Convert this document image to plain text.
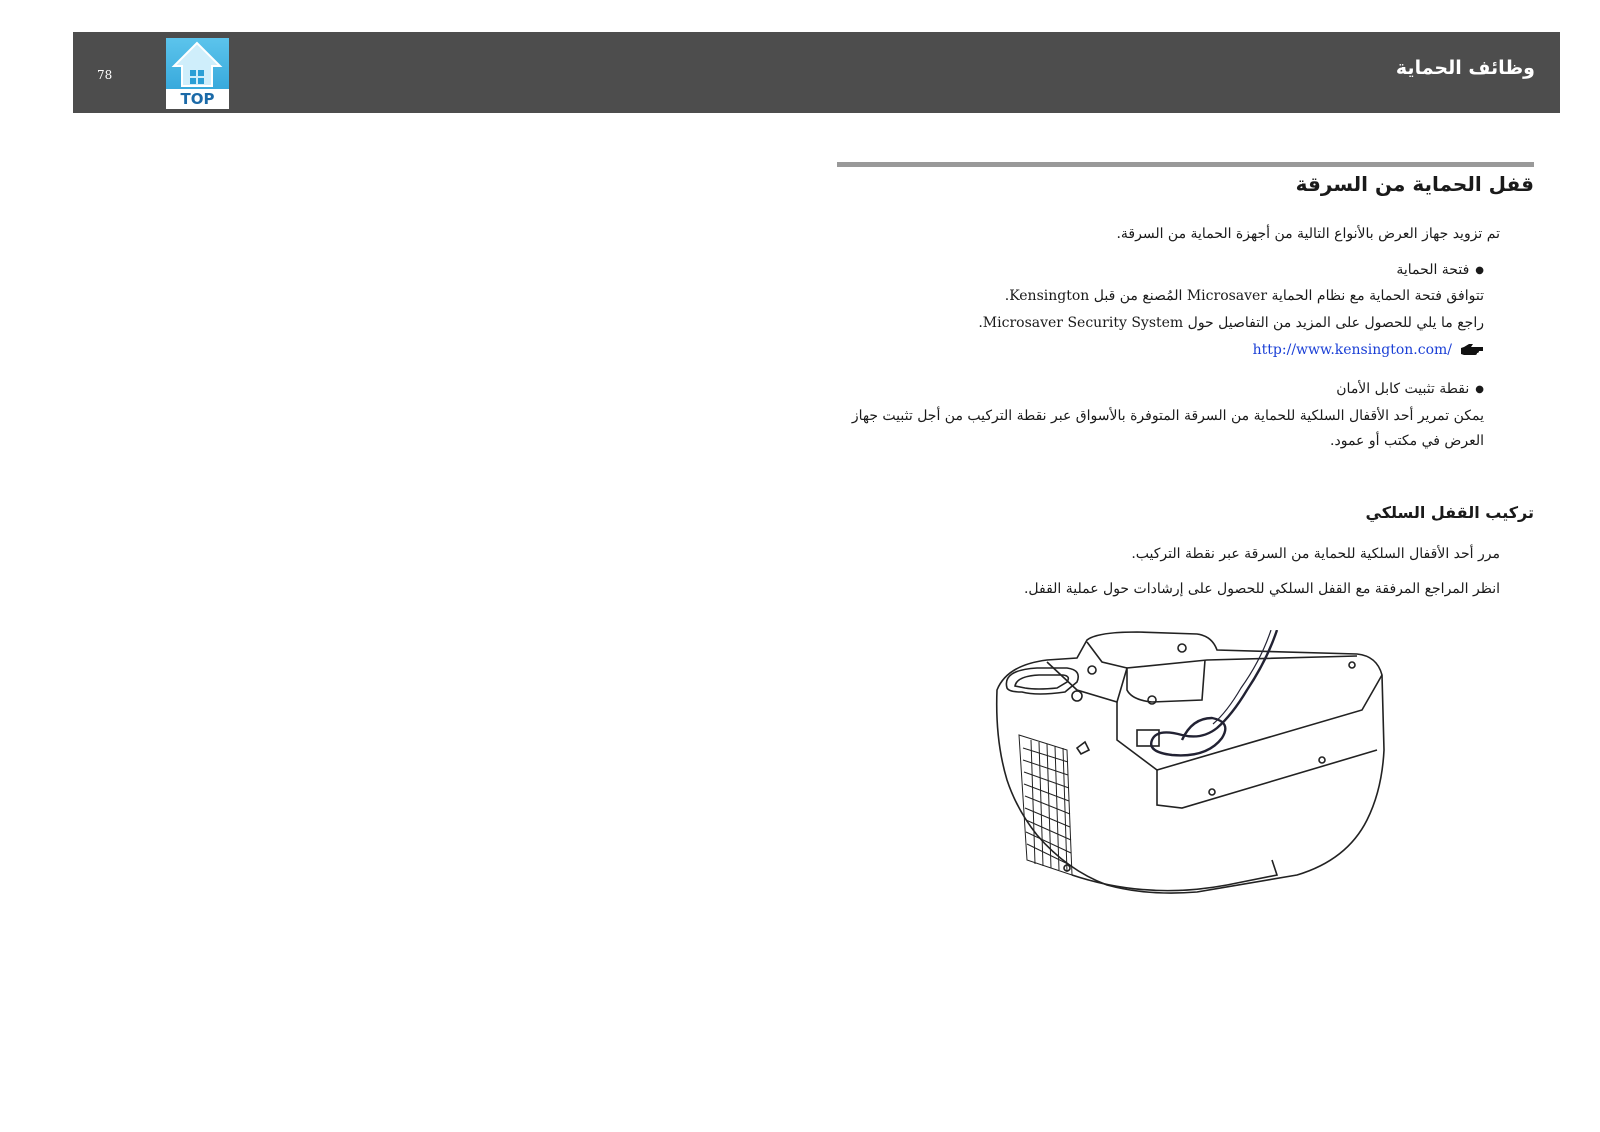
78
TOP
وظائف الحماية
قفل الحماية من السرقة
تم تزويد جهاز العرض بالأنواع التالية من أجهزة الحماية من السرقة.
● فتحة الحماية
تتوافق فتحة الحماية مع نظام الحماية Microsaver المُصنع من قبل Kensington.
راجع ما يلي للحصول على المزيد من التفاصيل حول Microsaver Security System.
http://www.kensington.com/
● نقطة تثبيت كابل الأمان
يمكن تمرير أحد الأقفال السلكية للحماية من السرقة المتوفرة بالأسواق عبر نقطة التركيب من أجل تثبيت جهاز
العرض في مكتب أو عمود.
تركيب القفل السلكي
مرر أحد الأقفال السلكية للحماية من السرقة عبر نقطة التركيب.
انظر المراجع المرفقة مع القفل السلكي للحصول على إرشادات حول عملية القفل.
